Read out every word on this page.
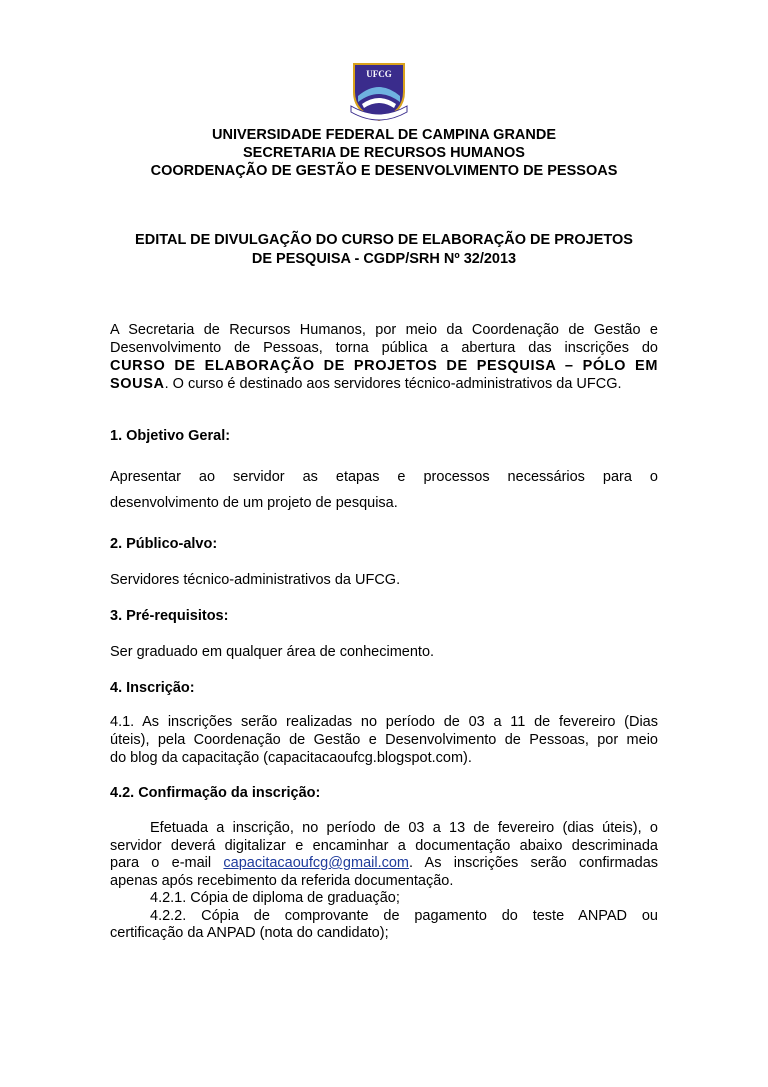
UFCG
UNIVERSIDADE FEDERAL DE CAMPINA GRANDE
SECRETARIA DE RECURSOS HUMANOS
COORDENAÇÃO DE GESTÃO E DESENVOLVIMENTO DE PESSOAS
EDITAL DE DIVULGAÇÃO DO CURSO DE ELABORAÇÃO DE PROJETOS
DE PESQUISA - CGDP/SRH Nº 32/2013
A Secretaria de Recursos Humanos, por meio da Coordenação de Gestão e
Desenvolvimento de Pessoas, torna pública a abertura das inscrições do
CURSO DE ELABORAÇÃO DE PROJETOS DE PESQUISA – PÓLO EM
SOUSA. O curso é destinado aos servidores técnico-administrativos da UFCG.
1. Objetivo Geral:
Apresentar ao servidor as etapas e processos necessários para o
desenvolvimento de um projeto de pesquisa.
2. Público-alvo:
Servidores técnico-administrativos da UFCG.
3. Pré-requisitos:
Ser graduado em qualquer área de conhecimento.
4. Inscrição:
4.1. As inscrições serão realizadas no período de 03 a 11 de fevereiro (Dias
úteis), pela Coordenação de Gestão e Desenvolvimento de Pessoas, por meio
do blog da capacitação (capacitacaoufcg.blogspot.com).
4.2. Confirmação da inscrição:
Efetuada a inscrição, no período de 03 a 13 de fevereiro (dias úteis), o
servidor deverá digitalizar e encaminhar a documentação abaixo descriminada
para o e-mail capacitacaoufcg@gmail.com. As inscrições serão confirmadas
apenas após recebimento da referida documentação.
4.2.1. Cópia de diploma de graduação;
4.2.2. Cópia de comprovante de pagamento do teste ANPAD ou
certificação da ANPAD (nota do candidato);
